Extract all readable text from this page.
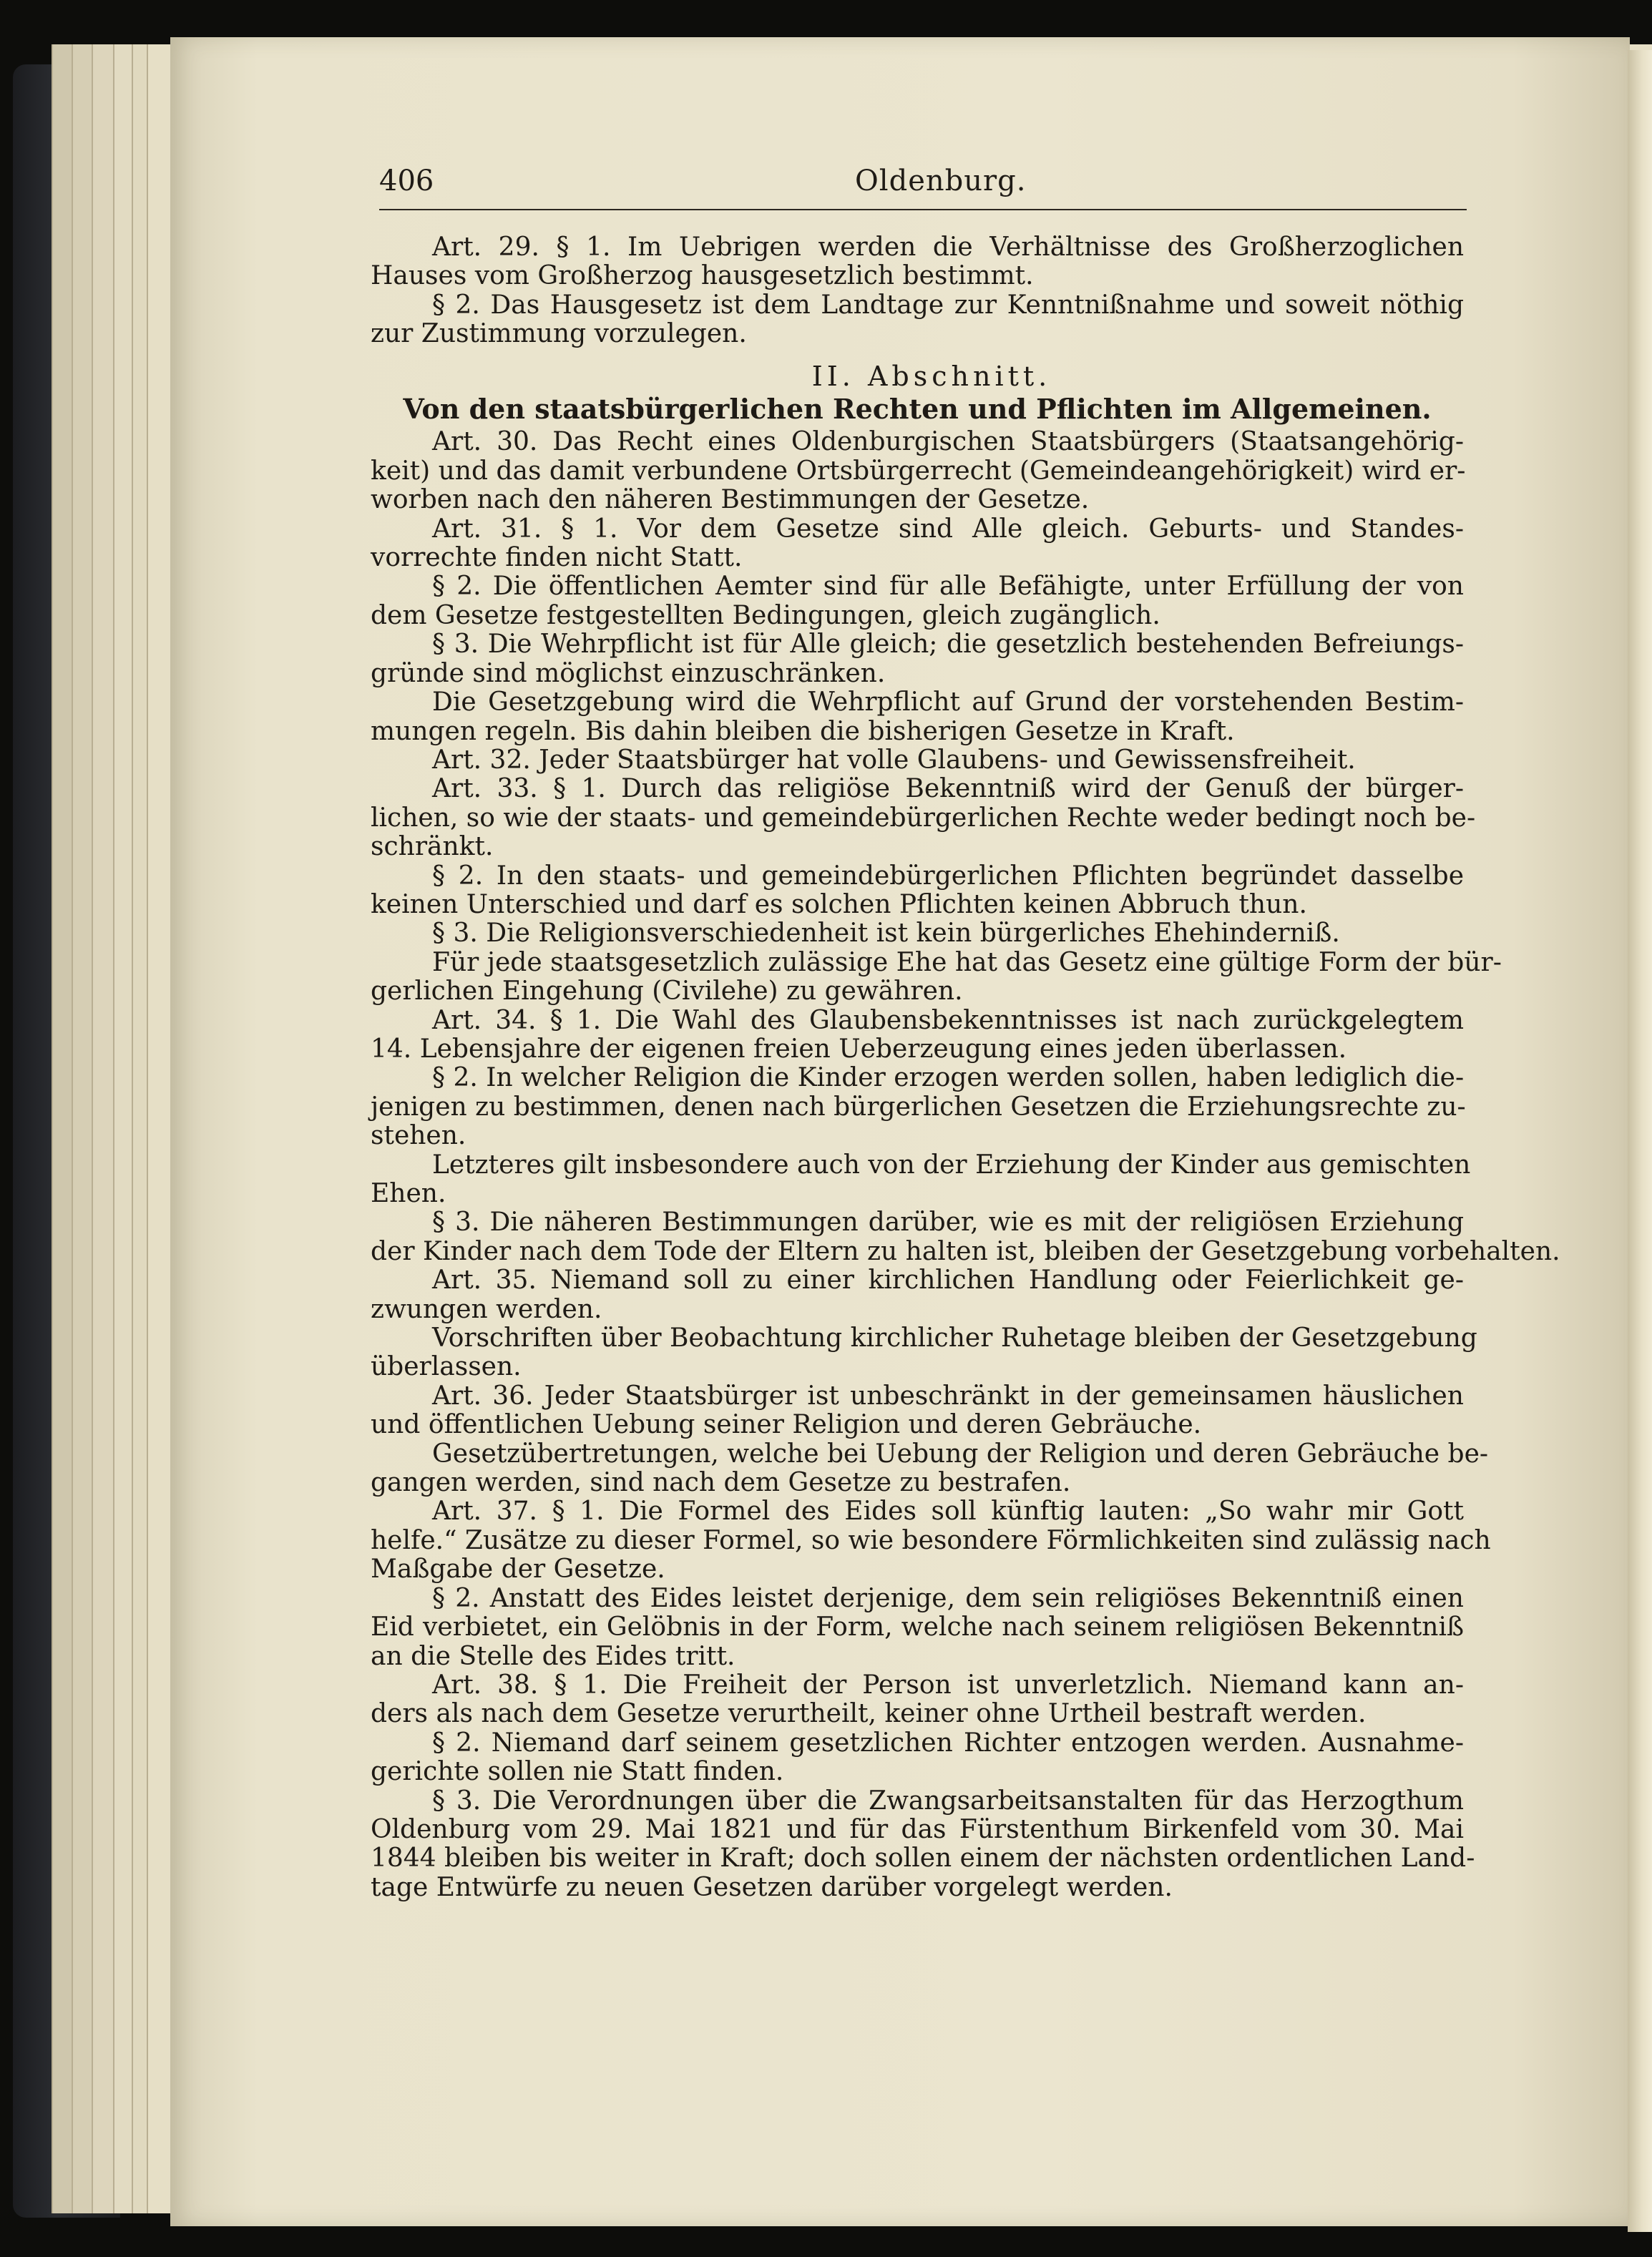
406	Oldenburg.
Art. 29. § 1. Im Uebrigen werden die Verhältnisse des Großherzoglichen
Hauses vom Großherzog hausgesetzlich bestimmt.
§ 2. Das Hausgesetz ist dem Landtage zur Kenntnißnahme und soweit nöthig
zur Zustimmung vorzulegen.
II. Abschnitt.
Von den staatsbürgerlichen Rechten und Pflichten im Allgemeinen.
Art. 30. Das Recht eines Oldenburgischen Staatsbürgers (Staatsangehörig-
keit) und das damit verbundene Ortsbürgerrecht (Gemeindeangehörigkeit) wird er-
worben nach den näheren Bestimmungen der Gesetze.
Art. 31. § 1. Vor dem Gesetze sind Alle gleich. Geburts- und Standes-
vorrechte finden nicht Statt.
§ 2. Die öffentlichen Aemter sind für alle Befähigte, unter Erfüllung der von
dem Gesetze festgestellten Bedingungen, gleich zugänglich.
§ 3. Die Wehrpflicht ist für Alle gleich; die gesetzlich bestehenden Befreiungs-
gründe sind möglichst einzuschränken.
Die Gesetzgebung wird die Wehrpflicht auf Grund der vorstehenden Bestim-
mungen regeln. Bis dahin bleiben die bisherigen Gesetze in Kraft.
Art. 32. Jeder Staatsbürger hat volle Glaubens- und Gewissensfreiheit.
Art. 33. § 1. Durch das religiöse Bekenntniß wird der Genuß der bürger-
lichen, so wie der staats- und gemeindebürgerlichen Rechte weder bedingt noch be-
schränkt.
§ 2. In den staats- und gemeindebürgerlichen Pflichten begründet dasselbe
keinen Unterschied und darf es solchen Pflichten keinen Abbruch thun.
§ 3. Die Religionsverschiedenheit ist kein bürgerliches Ehehinderniß.
Für jede staatsgesetzlich zulässige Ehe hat das Gesetz eine gültige Form der bür-
gerlichen Eingehung (Civilehe) zu gewähren.
Art. 34. § 1. Die Wahl des Glaubensbekenntnisses ist nach zurückgelegtem
14. Lebensjahre der eigenen freien Ueberzeugung eines jeden überlassen.
§ 2. In welcher Religion die Kinder erzogen werden sollen, haben lediglich die-
jenigen zu bestimmen, denen nach bürgerlichen Gesetzen die Erziehungsrechte zu-
stehen.
Letzteres gilt insbesondere auch von der Erziehung der Kinder aus gemischten
Ehen.
§ 3. Die näheren Bestimmungen darüber, wie es mit der religiösen Erziehung
der Kinder nach dem Tode der Eltern zu halten ist, bleiben der Gesetzgebung vorbehalten.
Art. 35. Niemand soll zu einer kirchlichen Handlung oder Feierlichkeit ge-
zwungen werden.
Vorschriften über Beobachtung kirchlicher Ruhetage bleiben der Gesetzgebung
überlassen.
Art. 36. Jeder Staatsbürger ist unbeschränkt in der gemeinsamen häuslichen
und öffentlichen Uebung seiner Religion und deren Gebräuche.
Gesetzübertretungen, welche bei Uebung der Religion und deren Gebräuche be-
gangen werden, sind nach dem Gesetze zu bestrafen.
Art. 37. § 1. Die Formel des Eides soll künftig lauten: „So wahr mir Gott
helfe.“ Zusätze zu dieser Formel, so wie besondere Förmlichkeiten sind zulässig nach
Maßgabe der Gesetze.
§ 2. Anstatt des Eides leistet derjenige, dem sein religiöses Bekenntniß einen
Eid verbietet, ein Gelöbnis in der Form, welche nach seinem religiösen Bekenntniß
an die Stelle des Eides tritt.
Art. 38. § 1. Die Freiheit der Person ist unverletzlich. Niemand kann an-
ders als nach dem Gesetze verurtheilt, keiner ohne Urtheil bestraft werden.
§ 2. Niemand darf seinem gesetzlichen Richter entzogen werden. Ausnahme-
gerichte sollen nie Statt finden.
§ 3. Die Verordnungen über die Zwangsarbeitsanstalten für das Herzogthum
Oldenburg vom 29. Mai 1821 und für das Fürstenthum Birkenfeld vom 30. Mai
1844 bleiben bis weiter in Kraft; doch sollen einem der nächsten ordentlichen Land-
tage Entwürfe zu neuen Gesetzen darüber vorgelegt werden.
